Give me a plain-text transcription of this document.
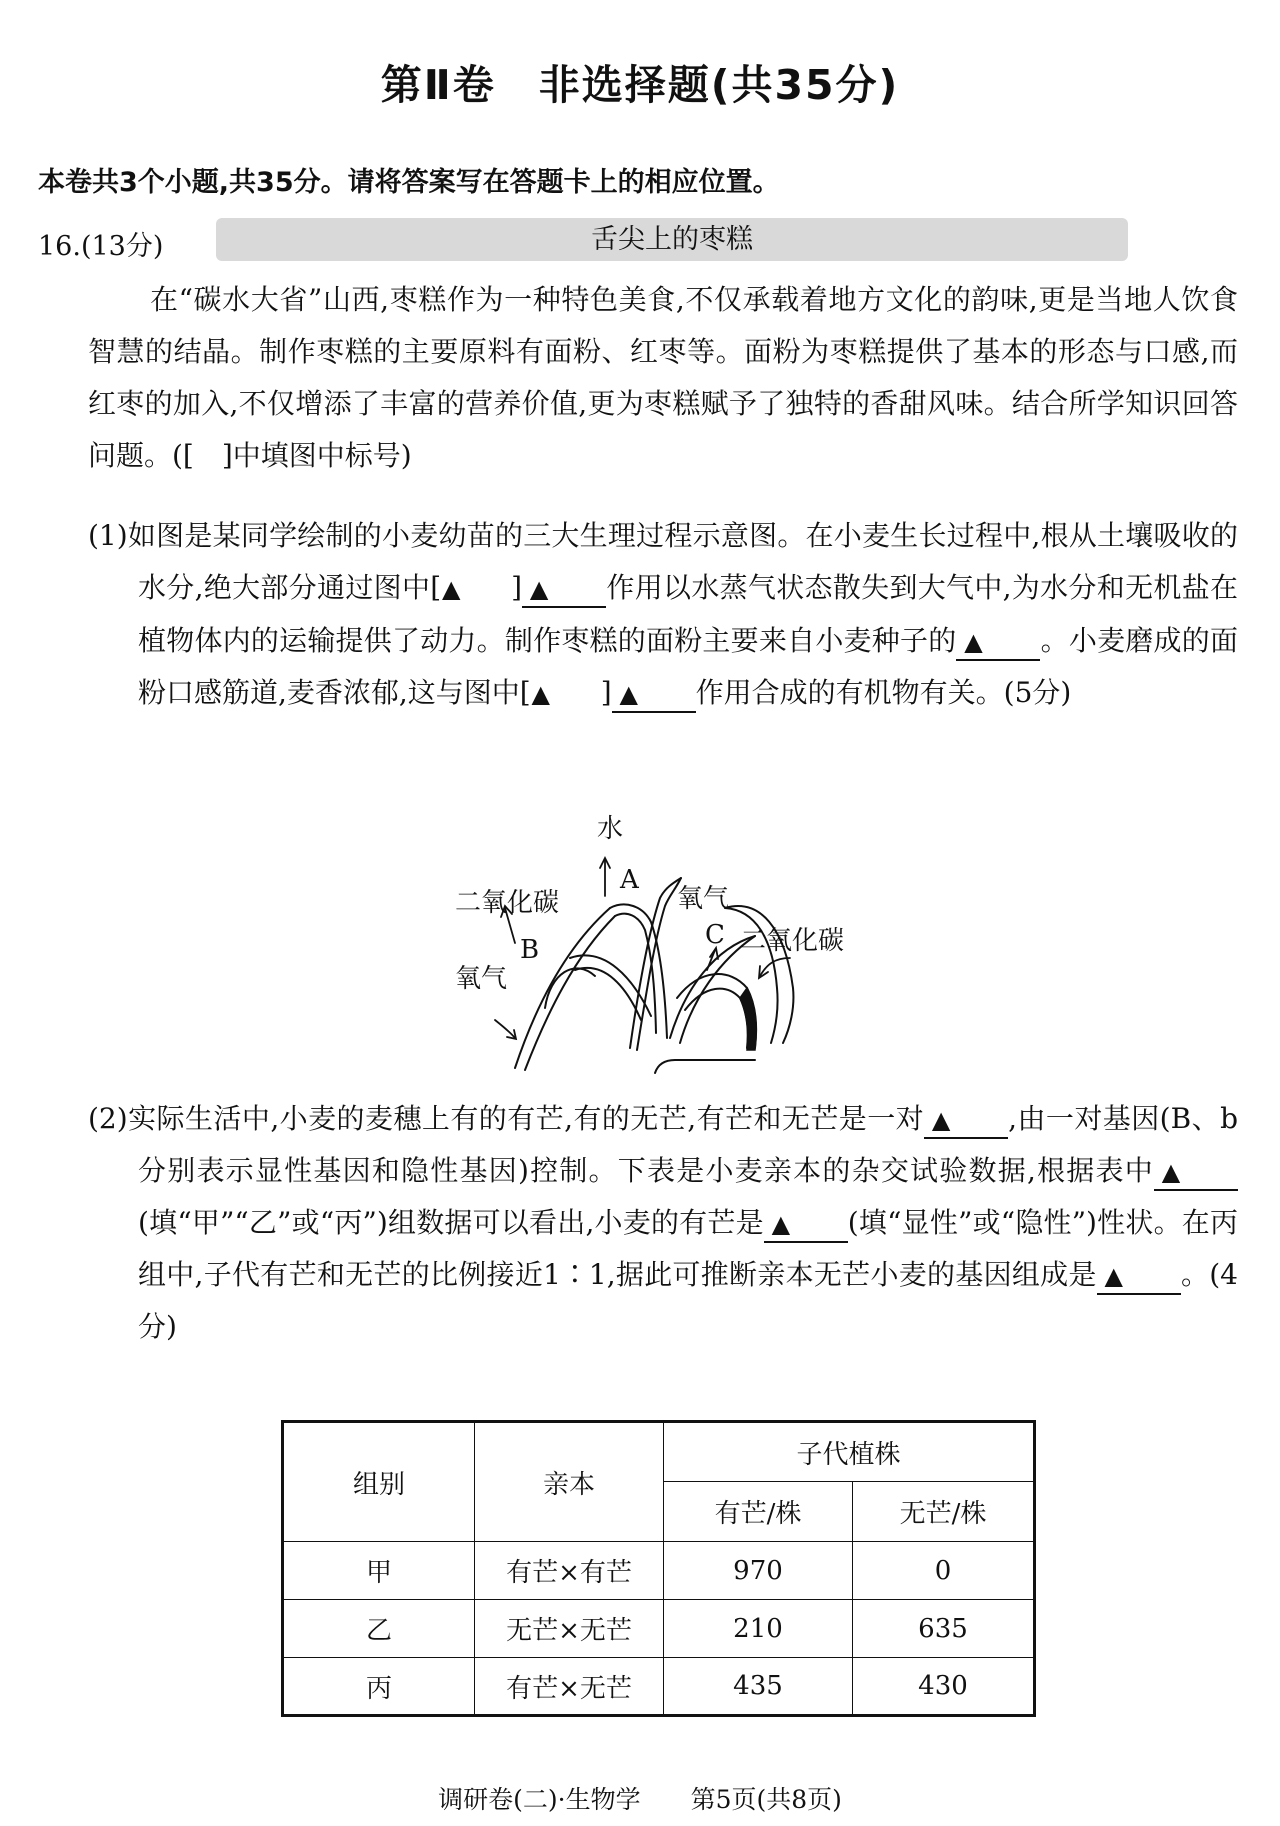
第Ⅱ卷　非选择题(共35分)
本卷共3个小题,共35分。请将答案写在答题卡上的相应位置。
16.(13分)	舌尖上的枣糕
在“碳水大省”山西,枣糕作为一种特色美食,不仅承载着地方文化的韵味,更是当地人饮食智慧的结晶。制作枣糕的主要原料有面粉、红枣等。面粉为枣糕提供了基本的形态与口感,而红枣的加入,不仅增添了丰富的营养价值,更为枣糕赋予了独特的香甜风味。结合所学知识回答问题。([　]中填图中标号)
(1)如图是某同学绘制的小麦幼苗的三大生理过程示意图。在小麦生长过程中,根从土壤吸收的水分,绝大部分通过图中[▲ ] ▲ 作用以水蒸气状态散失到大气中,为水分和无机盐在植物体内的运输提供了动力。制作枣糕的面粉主要来自小麦种子的 ▲ 。小麦磨成的面粉口感筋道,麦香浓郁,这与图中[▲ ] ▲ 作用合成的有机物有关。(5分)
水
A
二氧化碳
B
氧气
氧气
C 二氧化碳
(2)实际生活中,小麦的麦穗上有的有芒,有的无芒,有芒和无芒是一对 ▲ ,由一对基因(B、b分别表示显性基因和隐性基因)控制。下表是小麦亲本的杂交试验数据,根据表中 ▲(填“甲”“乙”或“丙”)组数据可以看出,小麦的有芒是 ▲ (填“显性”或“隐性”)性状。在丙组中,子代有芒和无芒的比例接近1∶1,据此可推断亲本无芒小麦的基因组成是 ▲ 。(4分)
组别	亲本	子代植株	
		有芒/株	无芒/株
甲	有芒×有芒	970	0
乙	无芒×无芒	210	635
丙	有芒×无芒	435	430
调研卷(二)·生物学　　第5页(共8页)
